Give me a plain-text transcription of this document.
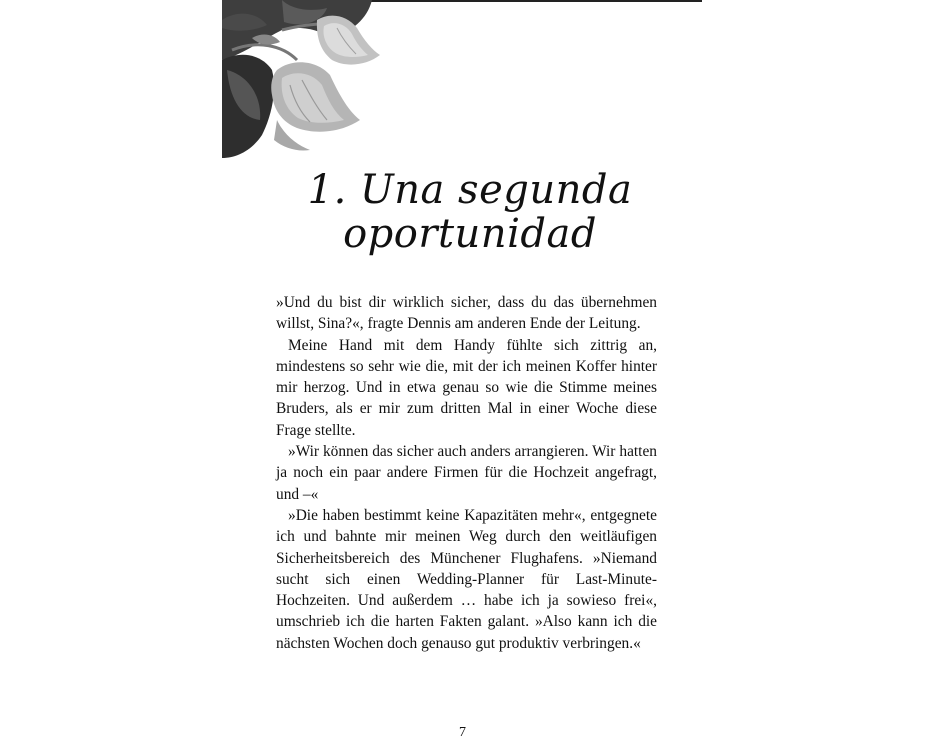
1. Una segunda
oportunidad

»Und du bist dir wirklich sicher, dass du das übernehmen willst, Sina?«, fragte Dennis am anderen Ende der Leitung.

Meine Hand mit dem Handy fühlte sich zittrig an, mindestens so sehr wie die, mit der ich meinen Koffer hinter mir herzog. Und in etwa genau so wie die Stimme meines Bruders, als er mir zum dritten Mal in einer Woche diese Frage stellte.

»Wir können das sicher auch anders arrangieren. Wir hatten ja noch ein paar andere Firmen für die Hochzeit angefragt, und –«

»Die haben bestimmt keine Kapazitäten mehr«, entgegnete ich und bahnte mir meinen Weg durch den weitläufigen Sicherheitsbereich des Münchener Flughafens. »Niemand sucht sich einen Wedding-Planner für Last-Minute-Hochzeiten. Und außerdem … habe ich ja sowieso frei«, umschrieb ich die harten Fakten galant. »Also kann ich die nächsten Wochen doch genauso gut produktiv verbringen.«

7
